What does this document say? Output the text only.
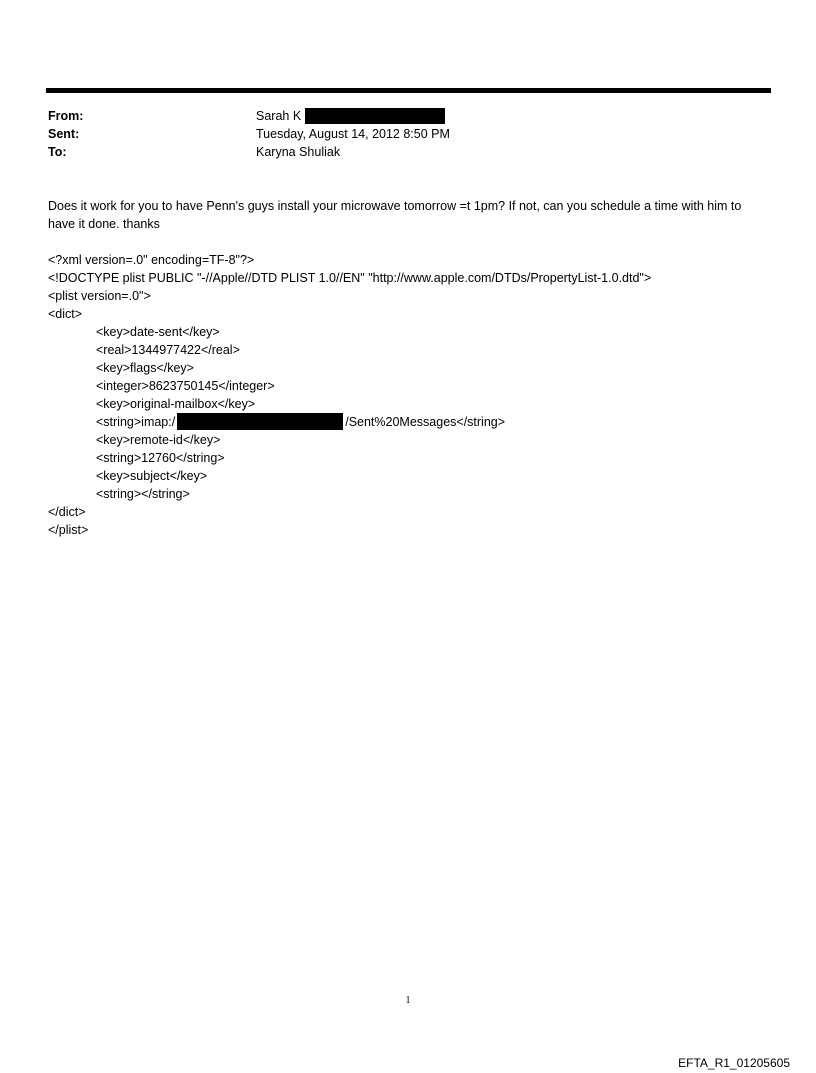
From:	Sarah K
Sent:	Tuesday, August 14, 2012 8:50 PM
To:	Karyna Shuliak
Does it work for you to have Penn's guys install your microwave tomorrow =t 1pm? If not, can you schedule a time with him to have it done. thanks
<?xml version=.0" encoding=TF-8"?>
<!DOCTYPE plist PUBLIC "-//Apple//DTD PLIST 1.0//EN" "http://www.apple.com/DTDs/PropertyList-1.0.dtd">
<plist version=.0">
<dict>
<key>date-sent</key>
<real>1344977422</real>
<key>flags</key>
<integer>8623750145</integer>
<key>original-mailbox</key>
<string>imap:/	/Sent%20Messages</string>
<key>remote-id</key>
<string>12760</string>
<key>subject</key>
<string></string>
</dict>
</plist>
1
EFTA_R1_01205605
